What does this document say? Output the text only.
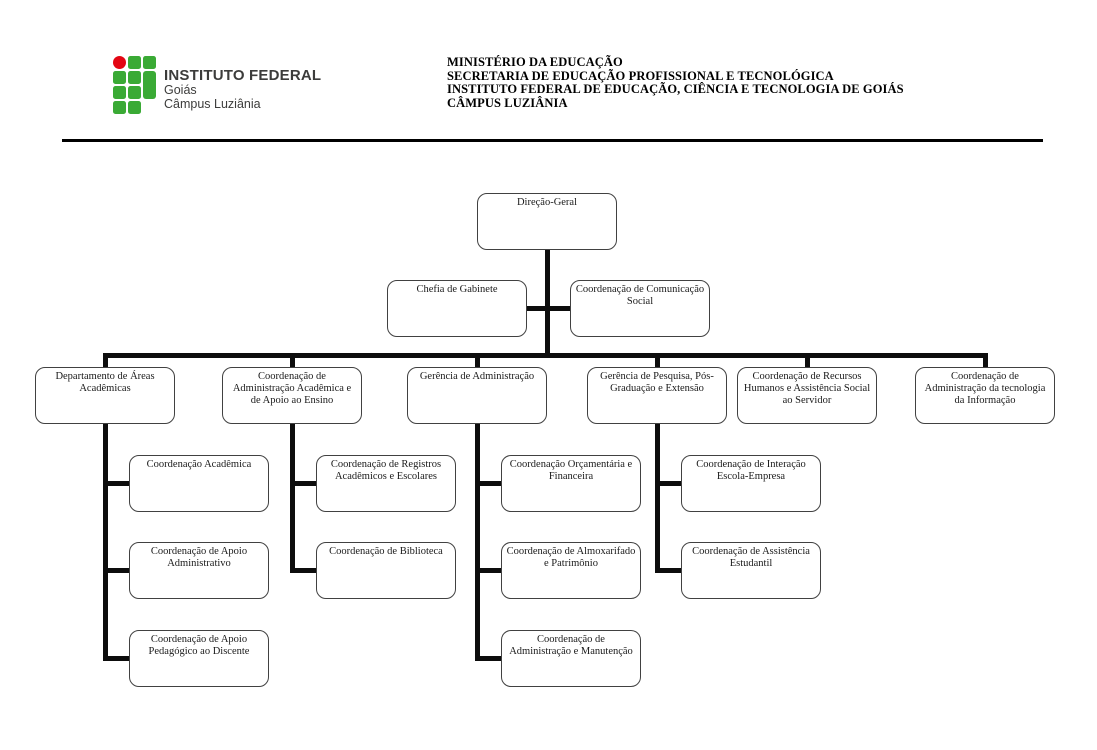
INSTITUTO FEDERAL
Goiás
Câmpus Luziânia
MINISTÉRIO DA EDUCAÇÃO
SECRETARIA DE EDUCAÇÃO PROFISSIONAL E TECNOLÓGICA
INSTITUTO FEDERAL DE EDUCAÇÃO, CIÊNCIA E TECNOLOGIA DE GOIÁS
CÂMPUS LUZIÂNIA
Coordenação Acadêmica
Coordenação de Apoio Administrativo
Coordenação de Apoio Pedagógico ao Discente
Coordenação de Registros Acadêmicos e Escolares
Coordenação de Biblioteca
Coordenação Orçamentária e Financeira
Coordenação de Almoxarifado e Patrimônio
Coordenação de Administração e Manutenção
Coordenação de Interação Escola-Empresa
Coordenação de Assistência Estudantil
Direção-Geral
Chefia de Gabinete	Coordenação de Comunicação Social
Departamento de Áreas Acadêmicas
Coordenação de Administração Acadêmica e de Apoio ao Ensino
Gerência de Administração	Gerência de Pesquisa, Pós-Graduação e Extensão
Coordenação de Recursos Humanos e Assistência Social ao Servidor
Coordenação de Administração da tecnologia da Informação
